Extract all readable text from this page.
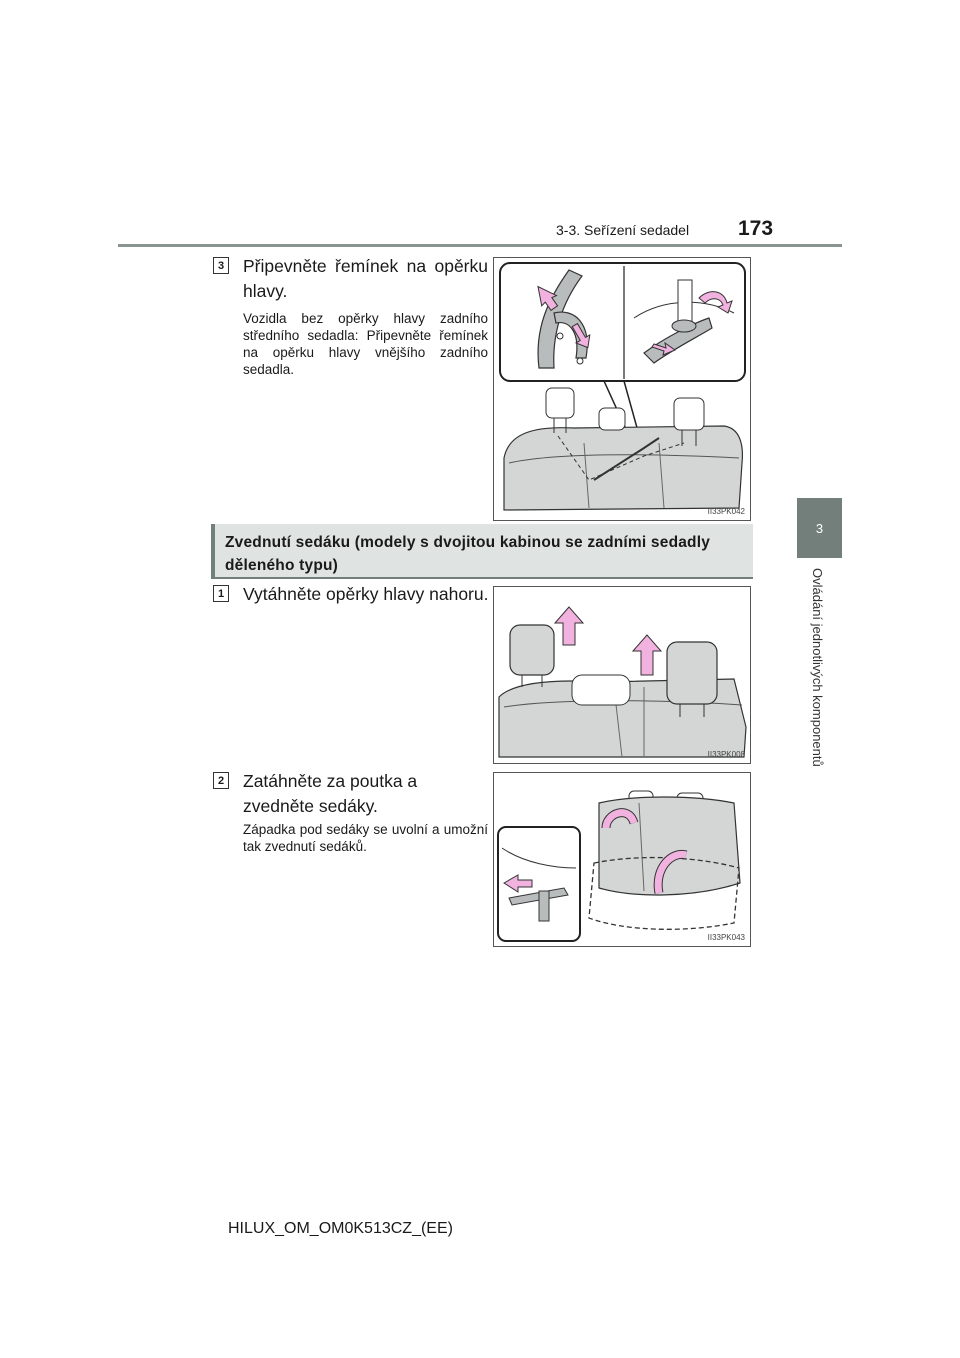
3-3. Seřízení sedadel 173
3
Ovládání jednotlivých komponentů
3 Připevněte řemínek na opěrku hlavy.
Vozidla bez opěrky hlavy zadního středního sedadla: Připevněte řemínek na opěrku hlavy vnějšího zadního sedadla.
II33PK042
Zvednutí sedáku (modely s dvojitou kabinou se zadními sedadly děleného typu)
1 Vytáhněte opěrky hlavy nahoru.
II33PK008
2 Zatáhněte za poutka a zvedněte sedáky.
Západka pod sedáky se uvolní a umožní tak zvednutí sedáků.
II33PK043
HILUX_OM_OM0K513CZ_(EE)
